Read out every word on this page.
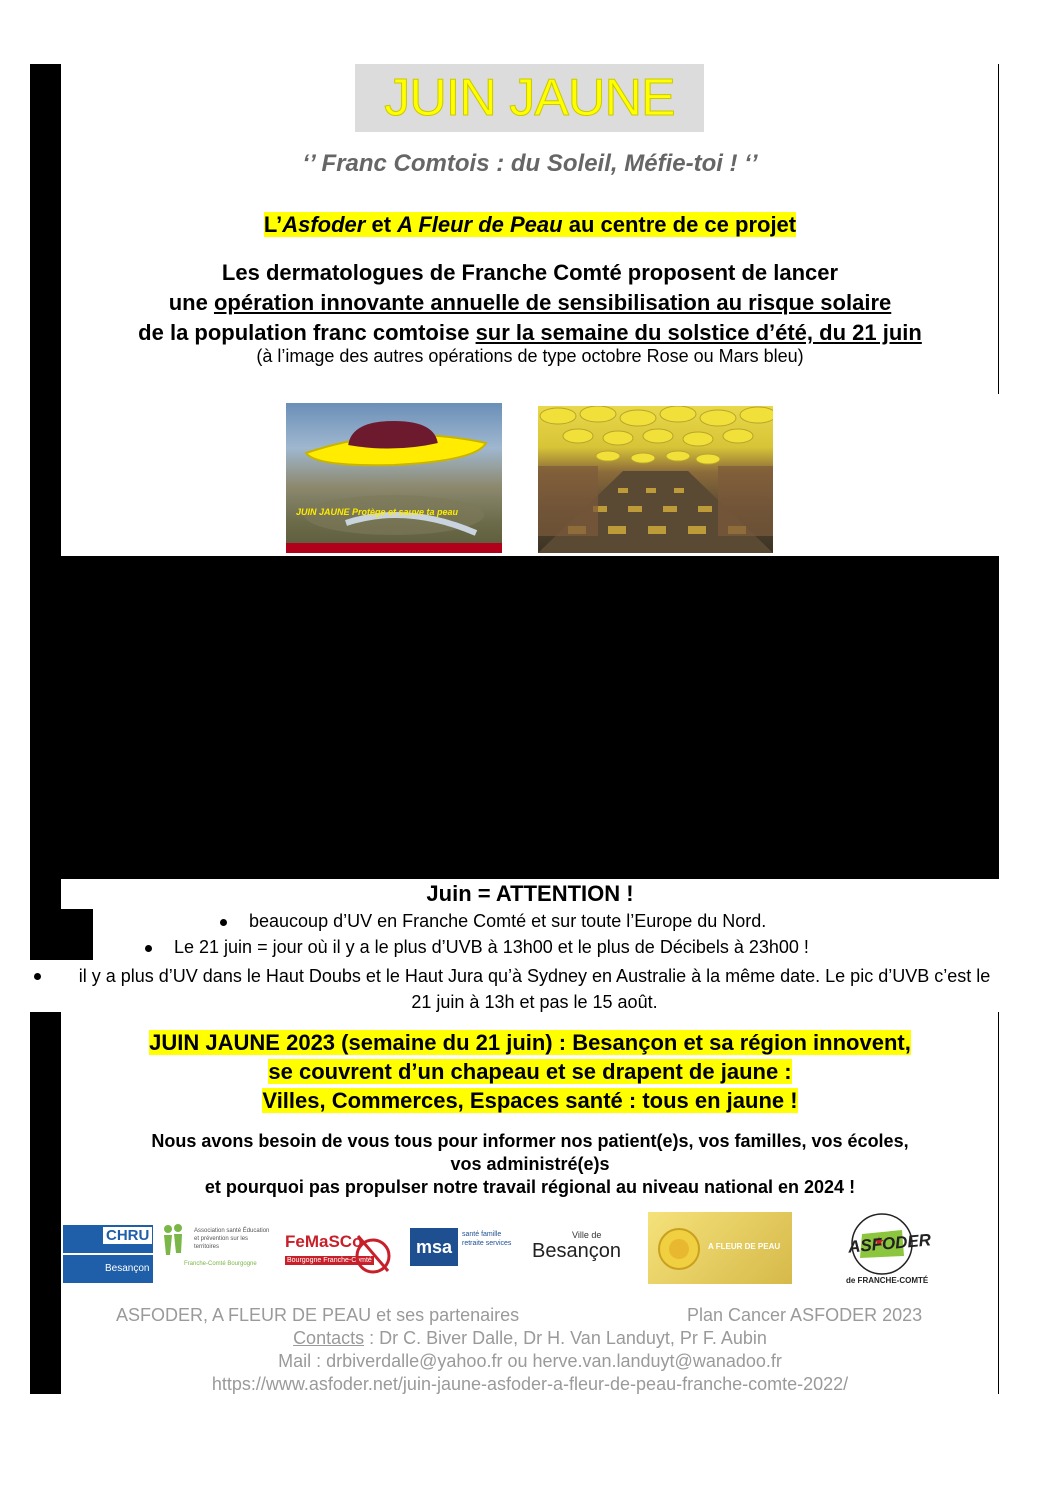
JUIN JAUNE
‘’ Franc Comtois : du Soleil, Méfie-toi ! ‘’
L’Asfoder et A Fleur de Peau au centre de ce projet
Les dermatologues de Franche Comté proposent de lancer
une opération innovante annuelle de sensibilisation au risque solaire
de la population franc comtoise sur la semaine du solstice d’été, du 21 juin
(à l’image des autres opérations de type octobre Rose ou Mars bleu)
JUIN JAUNE Protège et sauve ta peau
Juin = ATTENTION !
beaucoup d’UV en Franche Comté et sur toute l’Europe du Nord.
Le 21 juin = jour où il y a le plus d’UVB à 13h00 et le plus de Décibels à 23h00 !
il y a plus d’UV dans le Haut Doubs et le Haut Jura qu’à Sydney en Australie à la même date. Le pic d’UVB c’est le 21 juin à 13h et pas le 15 août.
JUIN JAUNE 2023 (semaine du 21 juin) : Besançon et sa région innovent,
se couvrent d’un chapeau et se drapent de jaune :
Villes, Commerces, Espaces santé : tous en jaune !
Nous avons besoin de vous tous pour informer nos patient(e)s, vos familles, vos écoles,
vos administré(e)s
et pourquoi pas propulser notre travail régional au niveau national en 2024 !
CHRU
Besançon
Association santé Éducation et prévention sur les territoires
Franche-Comté Bourgogne
FeMaSCo
Bourgogne Franche-Comté
msa
santé famille retraite services
Ville de
Besançon	A FLEUR DE PEAU	ASFODER
de FRANCHE-COMTÉ
ASFODER, A FLEUR DE PEAU et ses partenaires	Plan Cancer ASFODER 2023
Contacts : Dr C. Biver Dalle, Dr H. Van Landuyt, Pr F. Aubin
Mail : drbiverdalle@yahoo.fr ou herve.van.landuyt@wanadoo.fr
https://www.asfoder.net/juin-jaune-asfoder-a-fleur-de-peau-franche-comte-2022/
